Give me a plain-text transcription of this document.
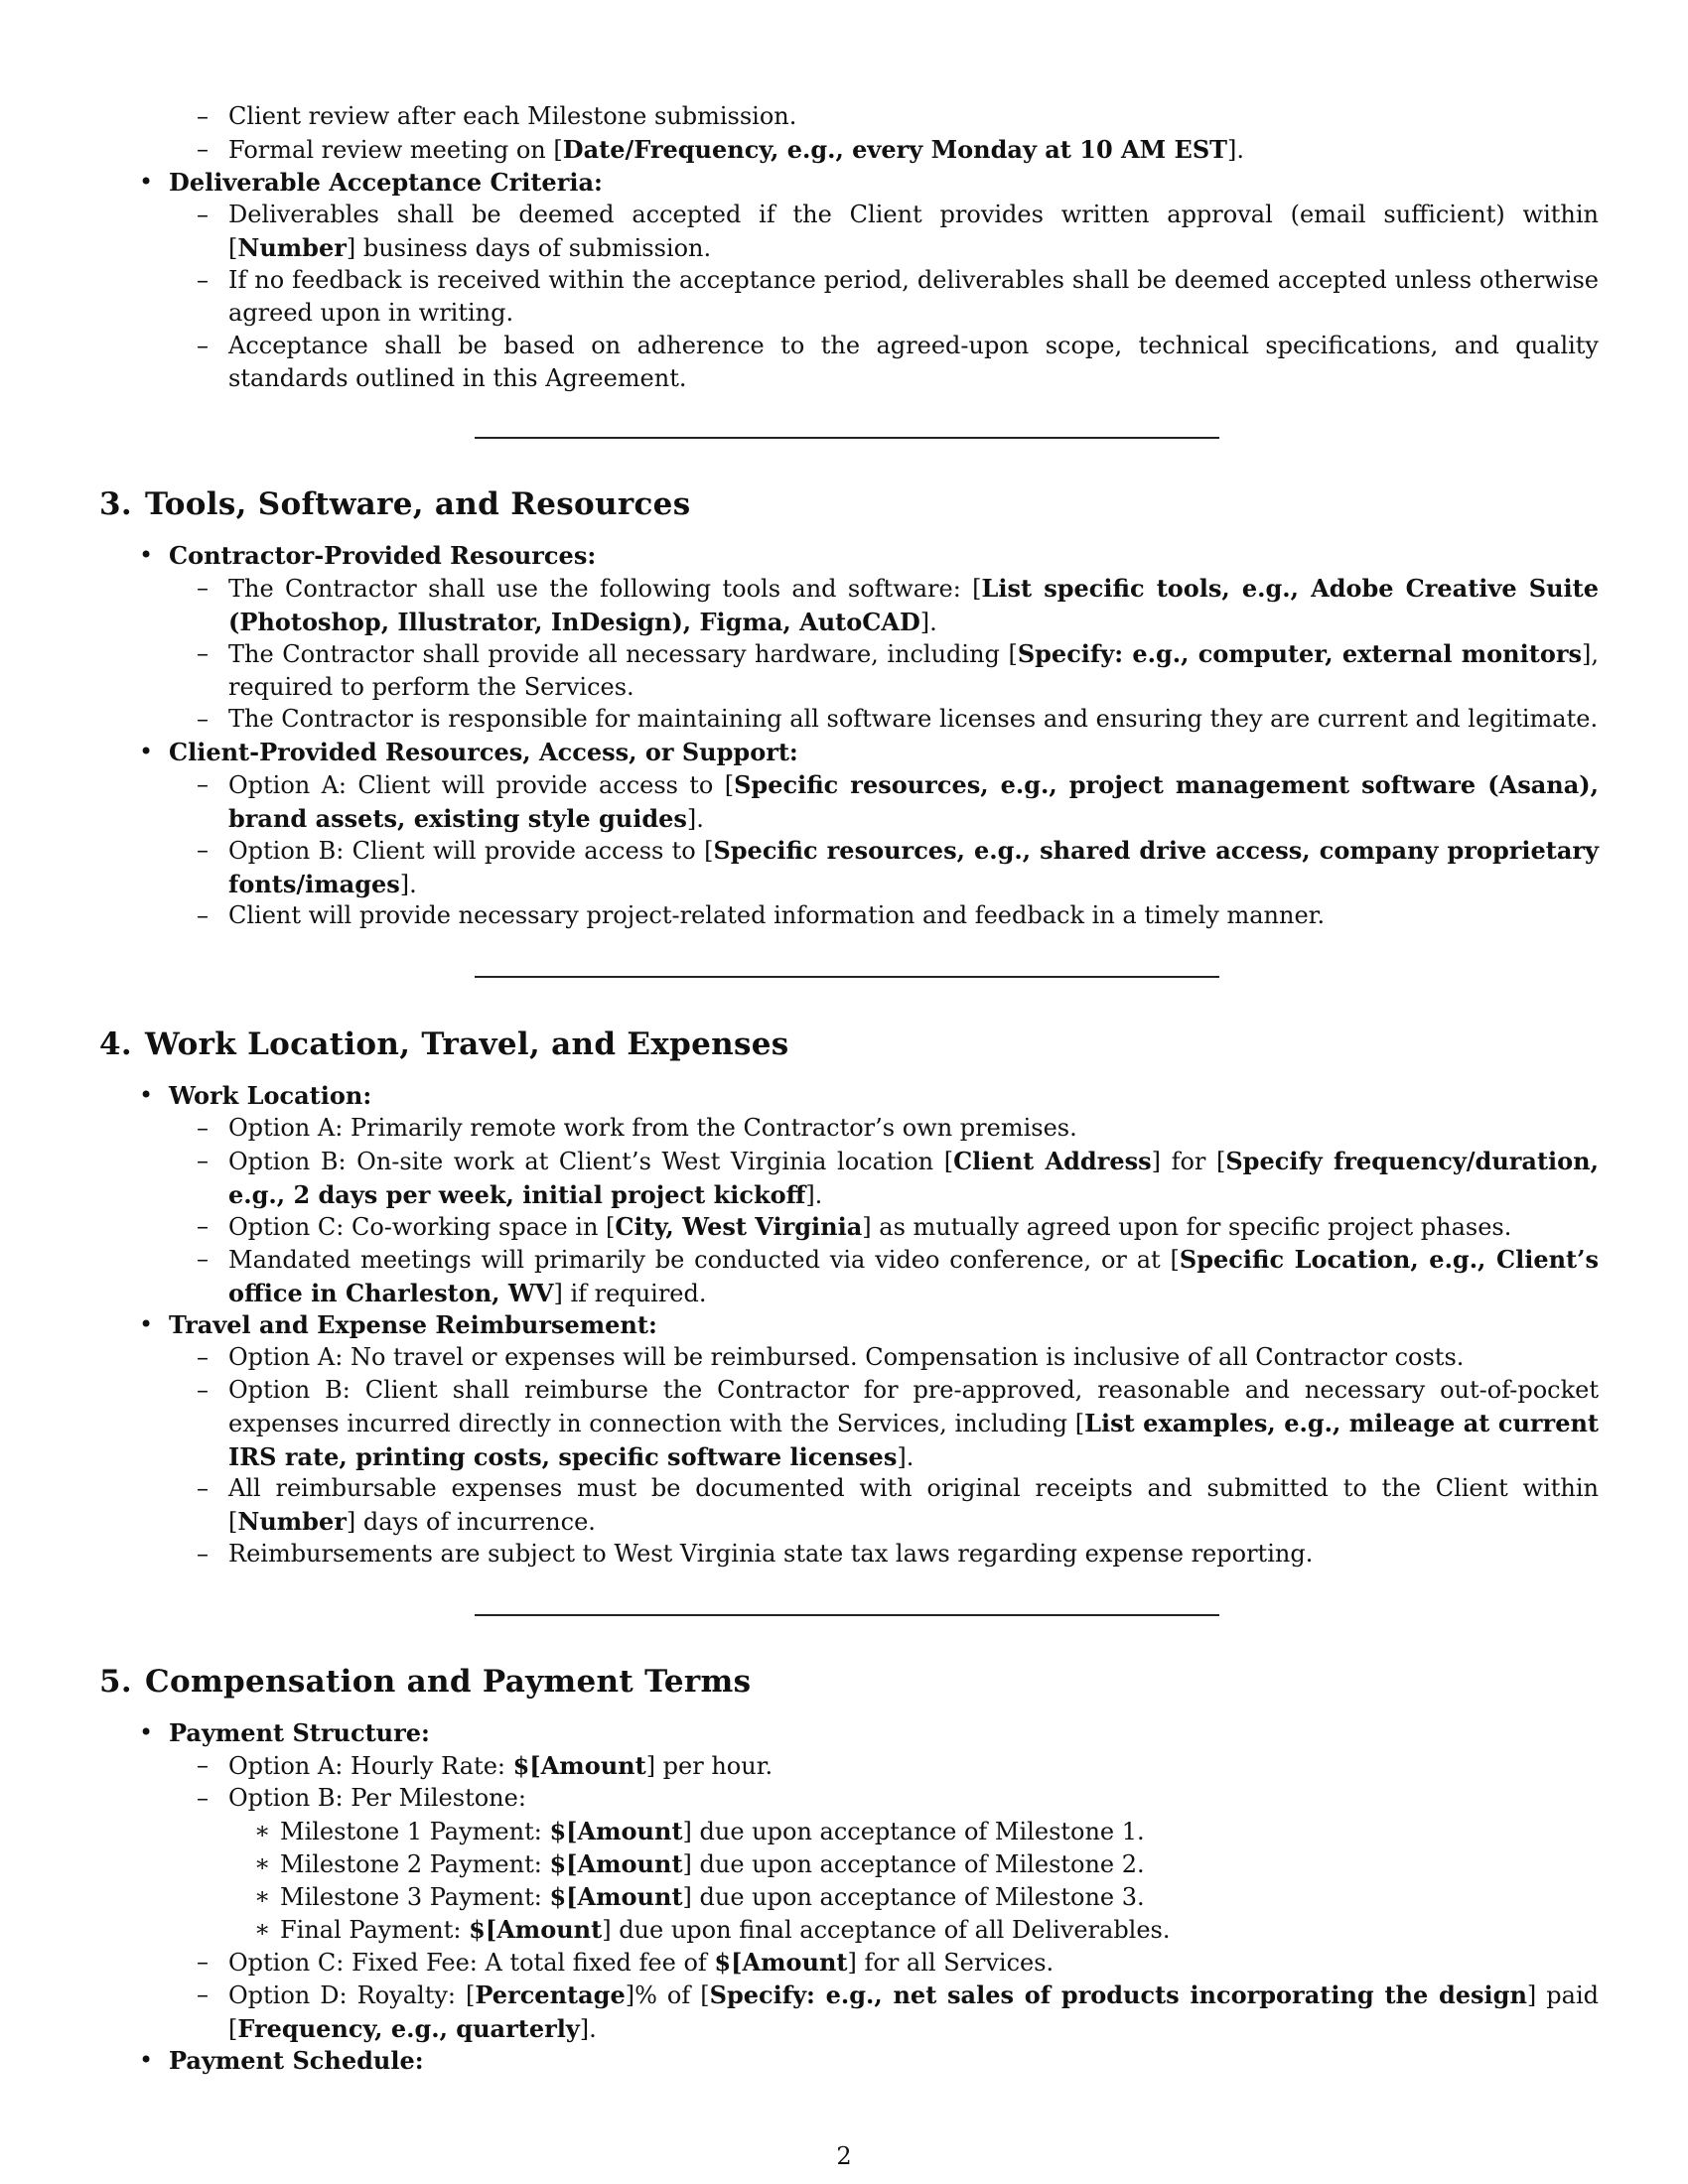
– Client review after each Milestone submission.
– Formal review meeting on [Date/Frequency, e.g., every Monday at 10 AM EST].
• Deliverable Acceptance Criteria:
– Deliverables shall be deemed accepted if the Client provides written approval (email sufficient) within [Number] business days of submission.
– If no feedback is received within the acceptance period, deliverables shall be deemed accepted unless otherwise agreed upon in writing.
– Acceptance shall be based on adherence to the agreed-upon scope, technical specifications, and quality standards outlined in this Agreement.
3. Tools, Software, and Resources
• Contractor-Provided Resources:
– The Contractor shall use the following tools and software: [List specific tools, e.g., Adobe Creative Suite (Photoshop, Illustrator, InDesign), Figma, AutoCAD].
– The Contractor shall provide all necessary hardware, including [Specify: e.g., computer, external monitors], required to perform the Services.
– The Contractor is responsible for maintaining all software licenses and ensuring they are current and legitimate.
• Client-Provided Resources, Access, or Support:
– Option A: Client will provide access to [Specific resources, e.g., project management software (Asana), brand assets, existing style guides].
– Option B: Client will provide access to [Specific resources, e.g., shared drive access, company proprietary fonts/images].
– Client will provide necessary project-related information and feedback in a timely manner.
4. Work Location, Travel, and Expenses
• Work Location:
– Option A: Primarily remote work from the Contractor’s own premises.
– Option B: On-site work at Client’s West Virginia location [Client Address] for [Specify frequency/duration, e.g., 2 days per week, initial project kickoff].
– Option C: Co-working space in [City, West Virginia] as mutually agreed upon for specific project phases.
– Mandated meetings will primarily be conducted via video conference, or at [Specific Location, e.g., Client’s office in Charleston, WV] if required.
• Travel and Expense Reimbursement:
– Option A: No travel or expenses will be reimbursed. Compensation is inclusive of all Contractor costs.
– Option B: Client shall reimburse the Contractor for pre-approved, reasonable and necessary out-of-pocket expenses incurred directly in connection with the Services, including [List examples, e.g., mileage at current IRS rate, printing costs, specific software licenses].
– All reimbursable expenses must be documented with original receipts and submitted to the Client within [Number] days of incurrence.
– Reimbursements are subject to West Virginia state tax laws regarding expense reporting.
5. Compensation and Payment Terms
• Payment Structure:
– Option A: Hourly Rate: $[Amount] per hour.
– Option B: Per Milestone:
∗ Milestone 1 Payment: $[Amount] due upon acceptance of Milestone 1.
∗ Milestone 2 Payment: $[Amount] due upon acceptance of Milestone 2.
∗ Milestone 3 Payment: $[Amount] due upon acceptance of Milestone 3.
∗ Final Payment: $[Amount] due upon final acceptance of all Deliverables.
– Option C: Fixed Fee: A total fixed fee of $[Amount] for all Services.
– Option D: Royalty: [Percentage]% of [Specify: e.g., net sales of products incorporating the design] paid [Frequency, e.g., quarterly].
• Payment Schedule:
2
